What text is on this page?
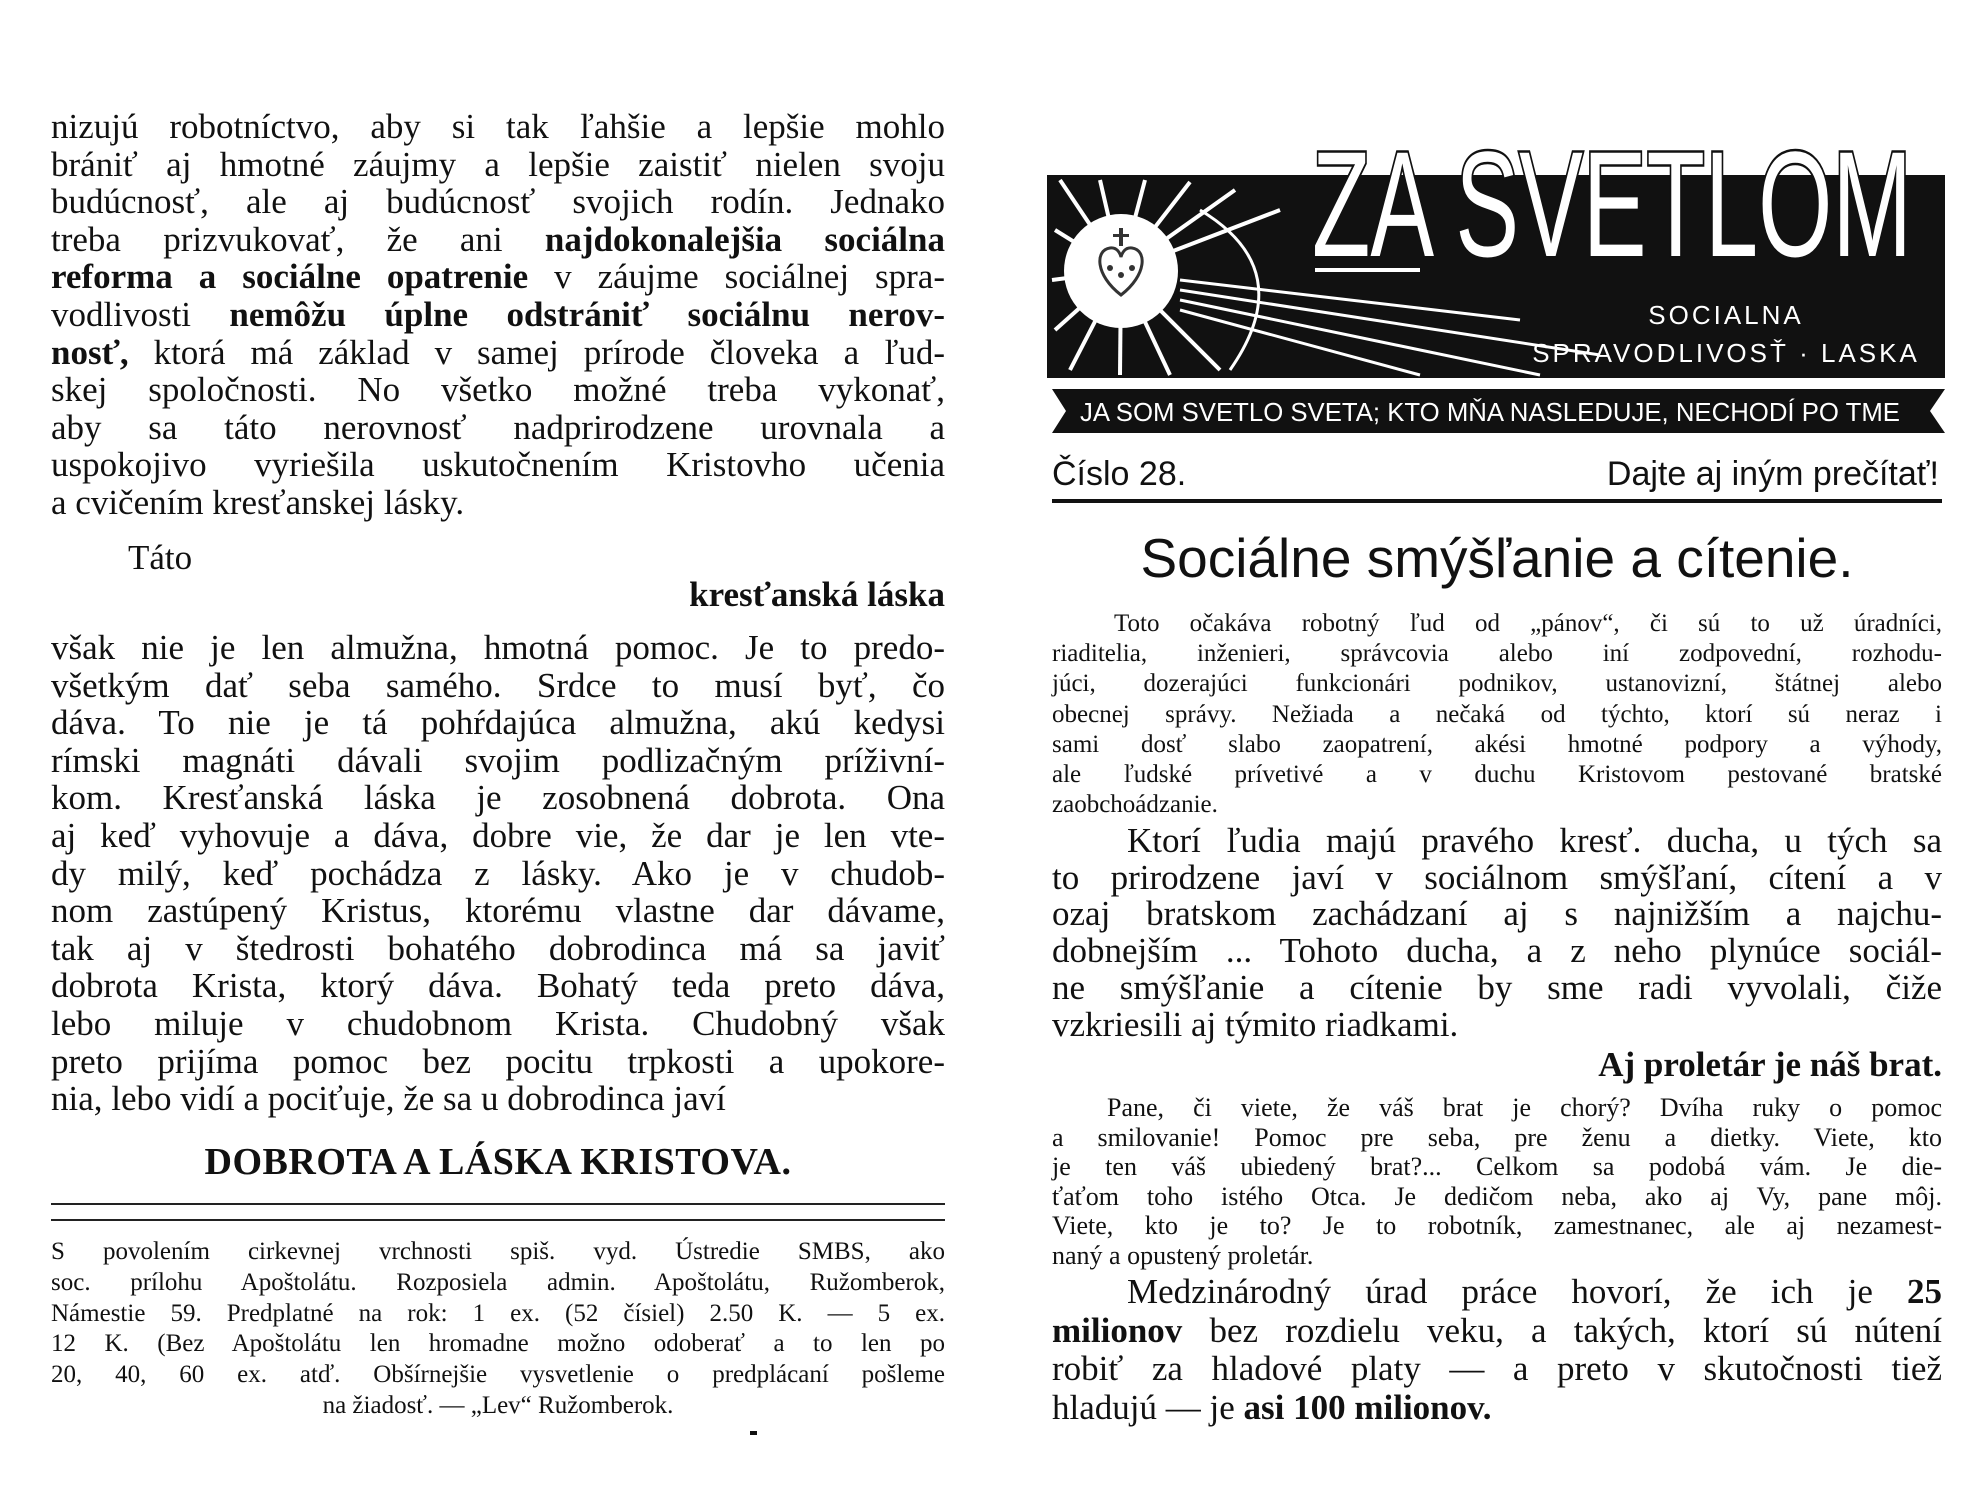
nizujú robotníctvo, aby si tak ľahšie a lepšie mohlo
brániť aj hmotné záujmy a lepšie zaistiť nielen svoju
budúcnosť, ale aj budúcnosť svojich rodín. Jednako
treba prizvukovať, že ani najdokonalejšia sociálna
reforma a sociálne opatrenie v záujme sociálnej spra-
vodlivosti nemôžu úplne odstrániť sociálnu nerov-
nosť, ktorá má základ v samej prírode človeka a ľud-
skej spoločnosti. No všetko možné treba vykonať,
aby sa táto nerovnosť nadprirodzene urovnala a
uspokojivo vyriešila uskutočnením Kristovho učenia
a cvičením kresťanskej lásky.
Táto
kresťanská láska
však nie je len almužna, hmotná pomoc. Je to predo-
všetkým dať seba samého. Srdce to musí byť, čo
dáva. To nie je tá pohŕdajúca almužna, akú kedysi
rímski magnáti dávali svojim podlizačným príživní-
kom. Kresťanská láska je zosobnená dobrota. Ona
aj keď vyhovuje a dáva, dobre vie, že dar je len vte-
dy milý, keď pochádza z lásky. Ako je v chudob-
nom zastúpený Kristus, ktorému vlastne dar dávame,
tak aj v štedrosti bohatého dobrodinca má sa javiť
dobrota Krista, ktorý dáva. Bohatý teda preto dáva,
lebo miluje v chudobnom Krista. Chudobný však
preto prijíma pomoc bez pocitu trpkosti a upokore-
nia, lebo vidí a pociťuje, že sa u dobrodinca javí
DOBROTA A LÁSKA KRISTOVA.
S povolením cirkevnej vrchnosti spiš. vyd. Ústredie SMBS, ako
soc. prílohu Apoštolátu. Rozposiela admin. Apoštolátu, Ružomberok,
Námestie 59. Predplatné na rok: 1 ex. (52 čísiel) 2.50 K. — 5 ex.
12 K. (Bez Apoštolátu len hromadne možno odoberať a to len po
20, 40, 60 ex. atď. Obšírnejšie vysvetlenie o predplácaní pošleme
na žiadosť. — „Lev“ Ružomberok.
ZA SVETLOM
SOCIALNA
SPRAVODLIVOSŤ · LASKA
JA SOM SVETLO SVETA; KTO MŇA NASLEDUJE, NECHODÍ PO TME
Číslo 28.	Dajte aj iným prečítať!
Sociálne smýšľanie a cítenie.
Toto očakáva robotný ľud od „pánov“, či sú to už úradníci,
riaditelia, inženieri, správcovia alebo iní zodpovední, rozhodu-
júci, dozerajúci funkcionári podnikov, ustanovizní, štátnej alebo
obecnej správy. Nežiada a nečaká od týchto, ktorí sú neraz i
sami dosť slabo zaopatrení, akési hmotné podpory a výhody,
ale ľudské prívetivé a v duchu Kristovom pestované bratské
zaobchoádzanie.
Ktorí ľudia majú pravého kresť. ducha, u tých sa
to prirodzene javí v sociálnom smýšľaní, cítení a v
ozaj bratskom zachádzaní aj s najnižším a najchu-
dobnejším ... Tohoto ducha, a z neho plynúce sociál-
ne smýšľanie a cítenie by sme radi vyvolali, čiže
vzkriesili aj týmito riadkami.
Aj proletár je náš brat.
Pane, či viete, že váš brat je chorý? Dvíha ruky o pomoc
a smilovanie! Pomoc pre seba, pre ženu a dietky. Viete, kto
je ten váš ubiedený brat?... Celkom sa podobá vám. Je die-
ťaťom toho istého Otca. Je dedičom neba, ako aj Vy, pane môj.
Viete, kto je to? Je to robotník, zamestnanec, ale aj nezamest-
naný a opustený proletár.
Medzinárodný úrad práce hovorí, že ich je 25
milionov bez rozdielu veku, a takých, ktorí sú nútení
robiť za hladové platy — a preto v skutočnosti tiež
hladujú — je asi 100 milionov.
